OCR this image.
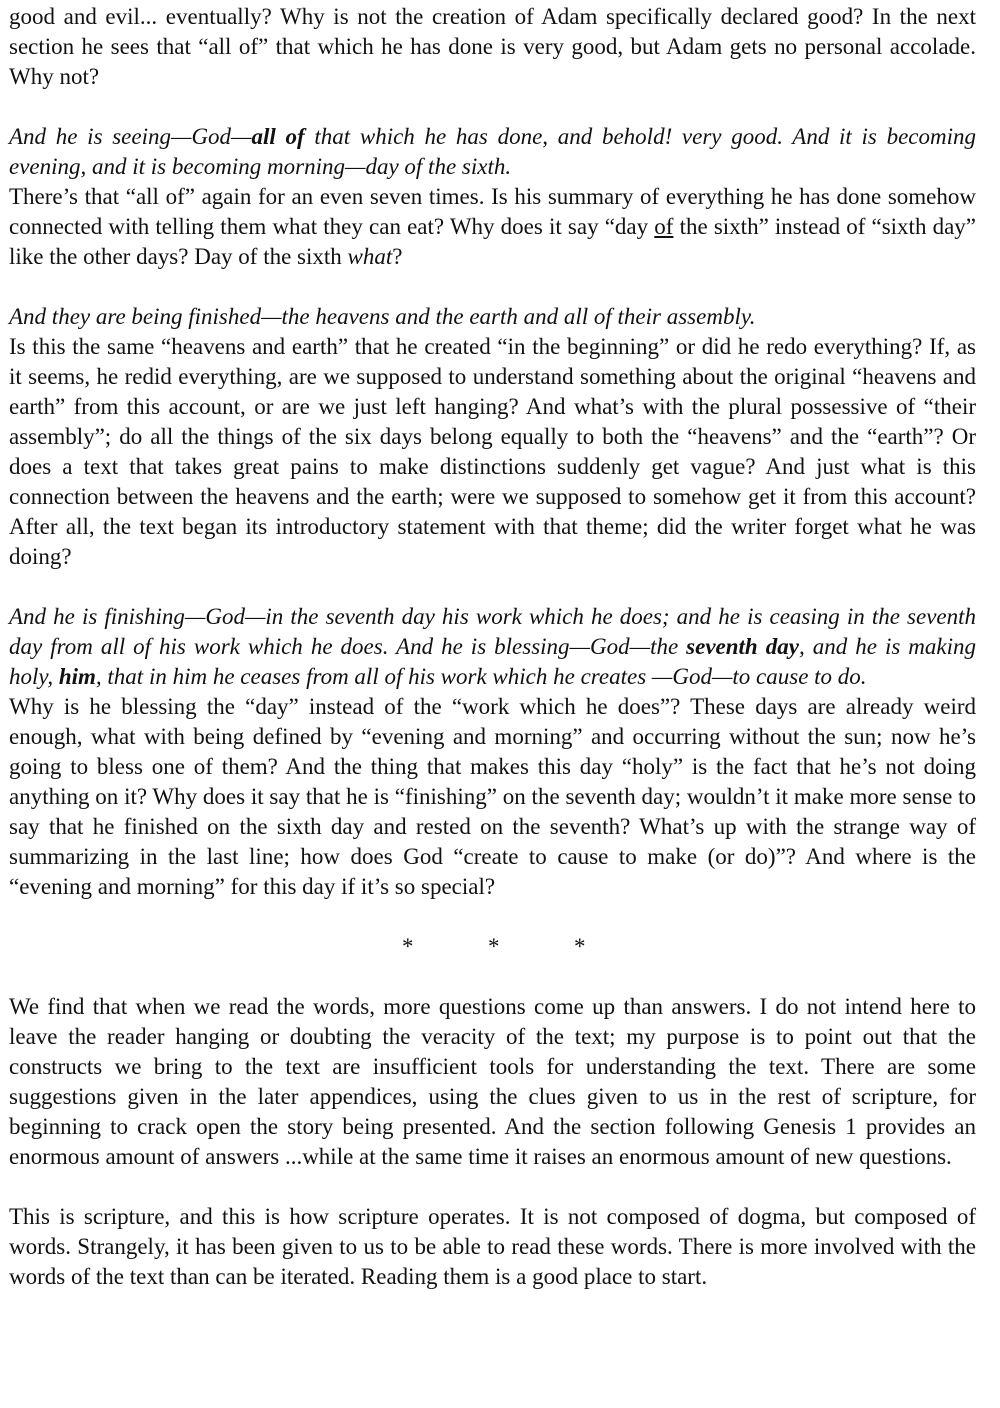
good and evil... eventually? Why is not the creation of Adam specifically declared good? In the next section he sees that “all of” that which he has done is very good, but Adam gets no personal accolade. Why not?

And he is seeing—God—all of that which he has done, and behold! very good. And it is becoming evening, and it is becoming morning—day of the sixth.

There’s that “all of” again for an even seven times. Is his summary of everything he has done somehow connected with telling them what they can eat? Why does it say “day of the sixth” instead of “sixth day” like the other days? Day of the sixth what?

And they are being finished—the heavens and the earth and all of their assembly.

Is this the same “heavens and earth” that he created “in the beginning” or did he redo everything? If, as it seems, he redid everything, are we supposed to understand something about the original “heavens and earth” from this account, or are we just left hanging? And what’s with the plural possessive of “their assembly”; do all the things of the six days belong equally to both the “heavens” and the “earth”? Or does a text that takes great pains to make distinctions suddenly get vague? And just what is this connection between the heavens and the earth; were we supposed to somehow get it from this account? After all, the text began its introductory statement with that theme; did the writer forget what he was doing?

And he is finishing—God—in the seventh day his work which he does; and he is ceasing in the seventh day from all of his work which he does. And he is blessing—God—the seventh day, and he is making holy, him, that in him he ceases from all of his work which he creates —God—to cause to do.

Why is he blessing the “day” instead of the “work which he does”? These days are already weird enough, what with being defined by “evening and morning” and occurring without the sun; now he’s going to bless one of them? And the thing that makes this day “holy” is the fact that he’s not doing anything on it? Why does it say that he is “finishing” on the seventh day; wouldn’t it make more sense to say that he finished on the sixth day and rested on the seventh? What’s up with the strange way of summarizing in the last line; how does God “create to cause to make (or do)”? And where is the “evening and morning” for this day if it’s so special?

*	*	*

We find that when we read the words, more questions come up than answers. I do not intend here to leave the reader hanging or doubting the veracity of the text; my purpose is to point out that the constructs we bring to the text are insufficient tools for understanding the text. There are some suggestions given in the later appendices, using the clues given to us in the rest of scripture, for beginning to crack open the story being presented. And the section following Genesis 1 provides an enormous amount of answers ...while at the same time it raises an enormous amount of new questions.

This is scripture, and this is how scripture operates. It is not composed of dogma, but composed of words. Strangely, it has been given to us to be able to read these words. There is more involved with the words of the text than can be iterated. Reading them is a good place to start.
